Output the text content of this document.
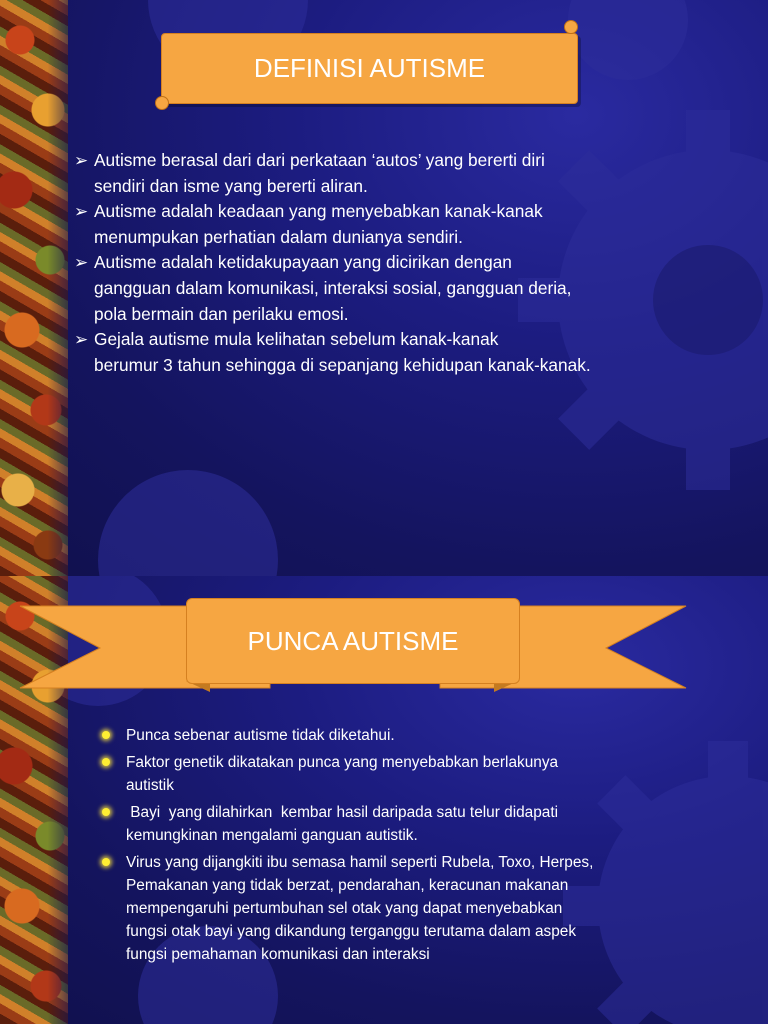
DEFINISI AUTISME
➢ Autisme berasal dari dari perkataan ‘autos’ yang bererti diri
sendiri dan isme yang bererti aliran.
➢ Autisme adalah keadaan yang menyebabkan kanak-kanak
menumpukan perhatian dalam dunianya sendiri.
➢ Autisme adalah ketidakupayaan yang dicirikan dengan
gangguan dalam komunikasi, interaksi sosial, gangguan deria,
pola bermain dan perilaku emosi.
➢ Gejala autisme mula kelihatan sebelum kanak-kanak
berumur 3 tahun sehingga di sepanjang kehidupan kanak-kanak.
PUNCA AUTISME
Punca sebenar autisme tidak diketahui.
Faktor genetik dikatakan punca yang menyebabkan berlakunya
autistik
Bayi  yang dilahirkan  kembar hasil daripada satu telur didapati
kemungkinan mengalami ganguan autistik.
Virus yang dijangkiti ibu semasa hamil seperti Rubela, Toxo, Herpes,
Pemakanan yang tidak berzat, pendarahan, keracunan makanan
mempengaruhi pertumbuhan sel otak yang dapat menyebabkan
fungsi otak bayi yang dikandung terganggu terutama dalam aspek
fungsi pemahaman komunikasi dan interaksi
